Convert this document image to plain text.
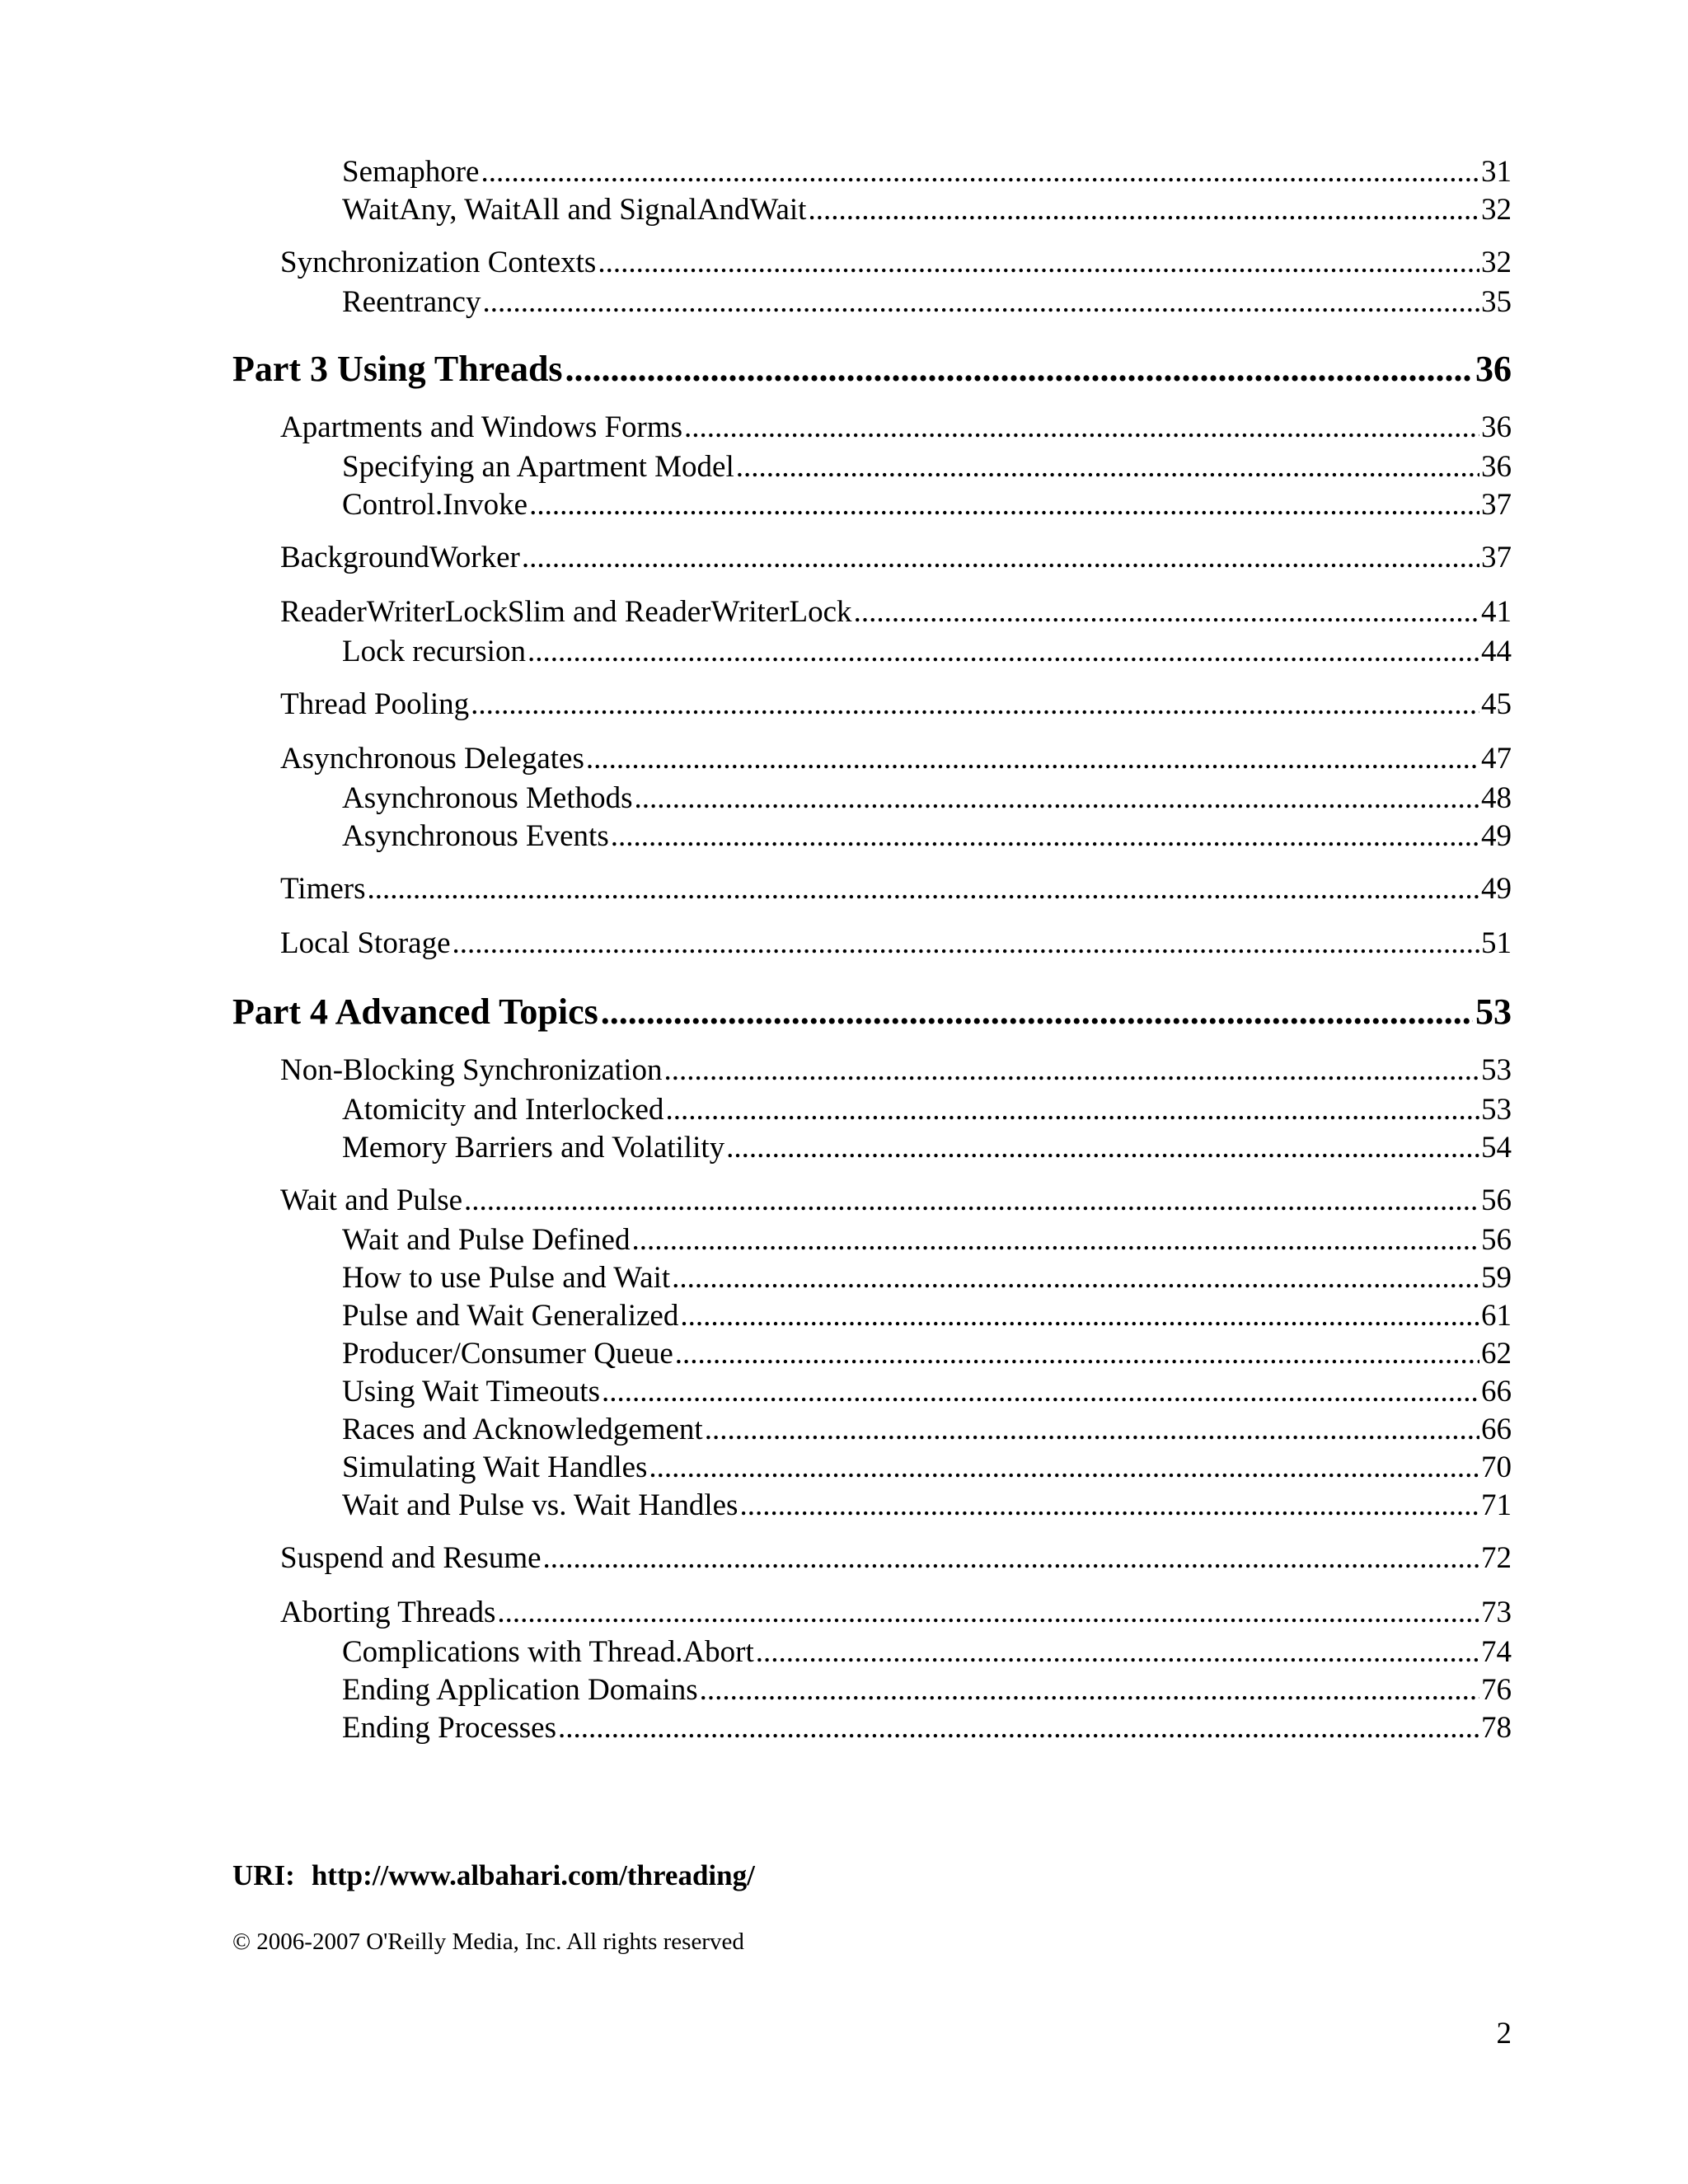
Semaphore .....	31
WaitAny, WaitAll and SignalAndWait .....	32
Synchronization Contexts .....	32
Reentrancy .....	35
Part 3 Using Threads .....	36
Apartments and Windows Forms .....	36
Specifying an Apartment Model .....	36
Control.Invoke .....	37
BackgroundWorker .....	37
ReaderWriterLockSlim and ReaderWriterLock .....	41
Lock recursion .....	44
Thread Pooling .....	45
Asynchronous Delegates .....	47
Asynchronous Methods .....	48
Asynchronous Events .....	49
Timers .....	49
Local Storage .....	51
Part 4 Advanced Topics .....	53
Non-Blocking Synchronization .....	53
Atomicity and Interlocked .....	53
Memory Barriers and Volatility .....	54
Wait and Pulse .....	56
Wait and Pulse Defined .....	56
How to use Pulse and Wait .....	59
Pulse and Wait Generalized .....	61
Producer/Consumer Queue .....	62
Using Wait Timeouts .....	66
Races and Acknowledgement .....	66
Simulating Wait Handles .....	70
Wait and Pulse vs. Wait Handles .....	71
Suspend and Resume .....	72
Aborting Threads .....	73
Complications with Thread.Abort .....	74
Ending Application Domains .....	76
Ending Processes .....	78
URI: http://www.albahari.com/threading/
© 2006-2007 O'Reilly Media, Inc. All rights reserved
2
